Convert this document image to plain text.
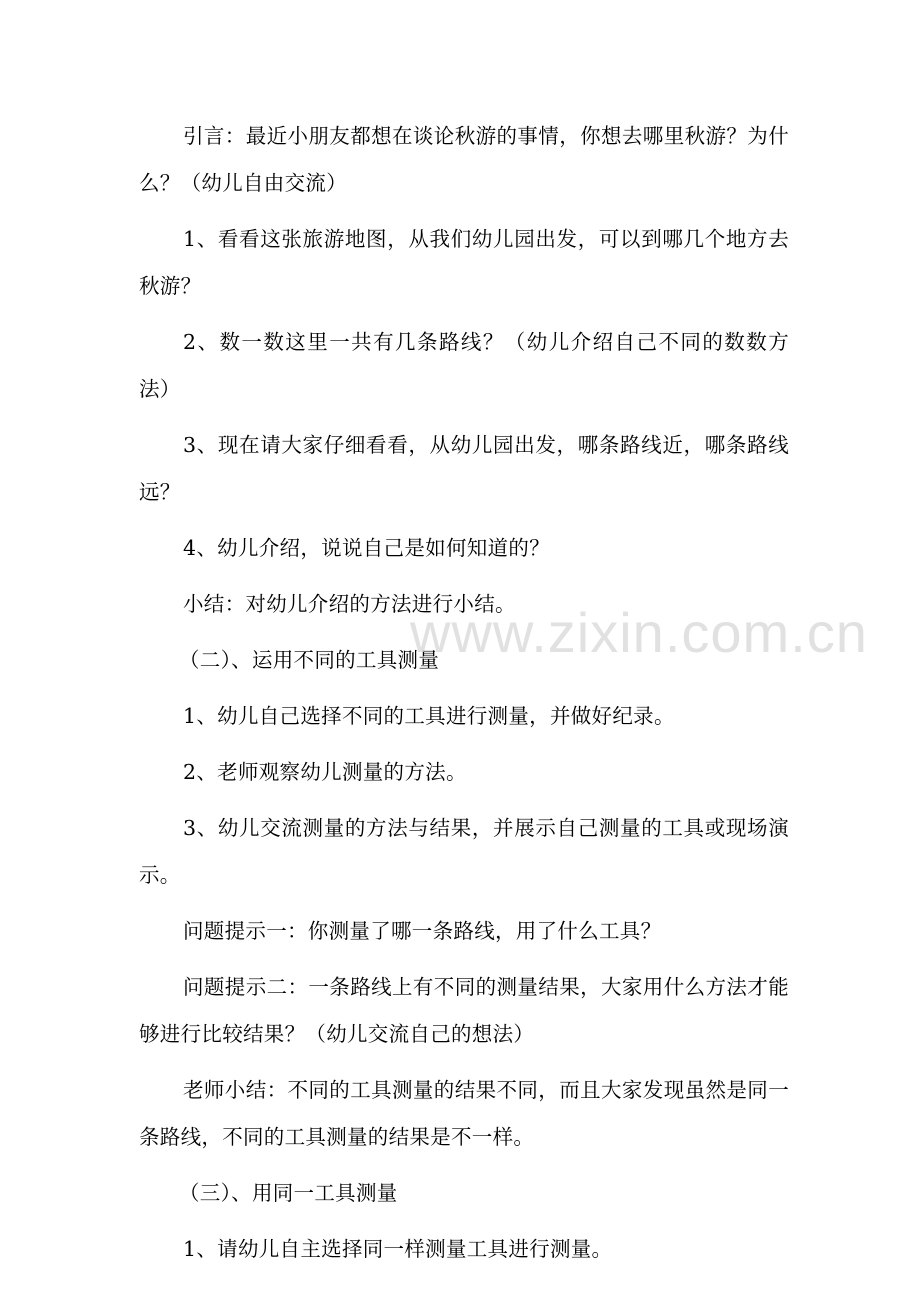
引言：最近小朋友都想在谈论秋游的事情，你想去哪里秋游？为什么？（幼儿自由交流）

1、看看这张旅游地图，从我们幼儿园出发，可以到哪几个地方去秋游？

2、数一数这里一共有几条路线？（幼儿介绍自己不同的数数方法）

3、现在请大家仔细看看，从幼儿园出发，哪条路线近，哪条路线远？

4、幼儿介绍，说说自己是如何知道的？

小结：对幼儿介绍的方法进行小结。

（二）、运用不同的工具测量

1、幼儿自己选择不同的工具进行测量，并做好纪录。

2、老师观察幼儿测量的方法。

3、幼儿交流测量的方法与结果，并展示自己测量的工具或现场演示。

问题提示一：你测量了哪一条路线，用了什么工具？

问题提示二：一条路线上有不同的测量结果，大家用什么方法才能够进行比较结果？（幼儿交流自己的想法）

老师小结：不同的工具测量的结果不同，而且大家发现虽然是同一条路线，不同的工具测量的结果是不一样。

（三）、用同一工具测量

1、请幼儿自主选择同一样测量工具进行测量。

www.zixin.com.cn
